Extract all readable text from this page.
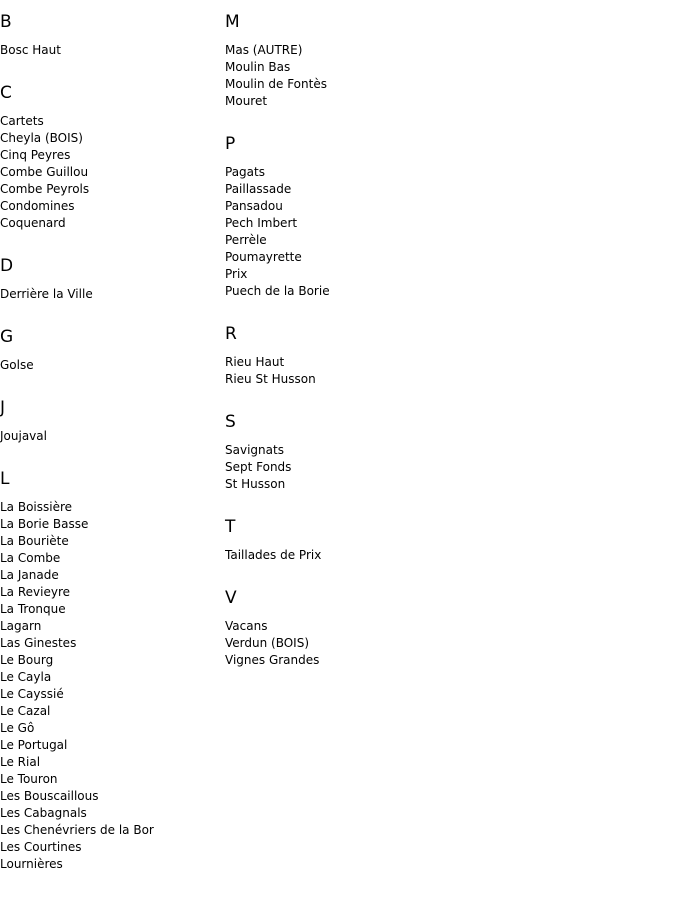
B
Bosc Haut
C
Cartets
Cheyla (BOIS)
Cinq Peyres
Combe Guillou
Combe Peyrols
Condomines
Coquenard
D
Derrière la Ville
G
Golse
J
Joujaval
L
La Boissière
La Borie Basse
La Bouriète
La Combe
La Janade
La Revieyre
La Tronque
Lagarn
Las Ginestes
Le Bourg
Le Cayla
Le Cayssié
Le Cazal
Le Gô
Le Portugal
Le Rial
Le Touron
Les Bouscaillous
Les Cabagnals
Les Chenévriers de la Bor
Les Courtines
Lournières
M
Mas (AUTRE)
Moulin Bas
Moulin de Fontès
Mouret
P
Pagats
Paillassade
Pansadou
Pech Imbert
Perrèle
Poumayrette
Prix
Puech de la Borie
R
Rieu Haut
Rieu St Husson
S
Savignats
Sept Fonds
St Husson
T
Taillades de Prix
V
Vacans
Verdun (BOIS)
Vignes Grandes
